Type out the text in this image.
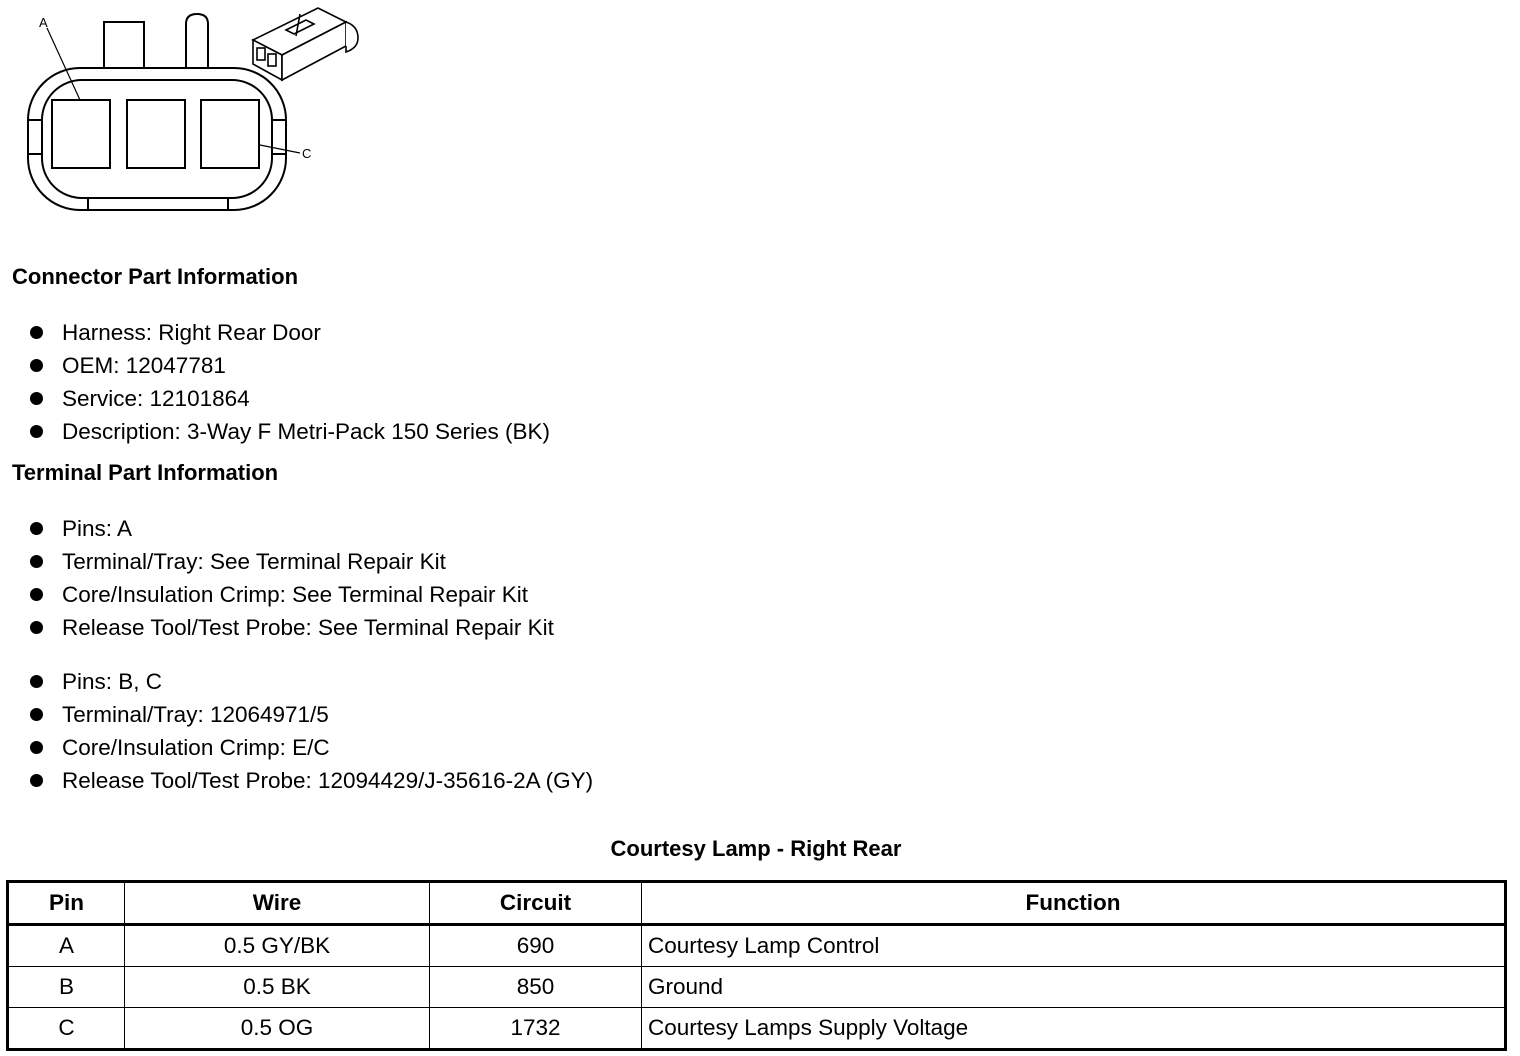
A
C
Connector Part Information
Harness: Right Rear Door
OEM: 12047781
Service: 12101864
Description: 3-Way F Metri-Pack 150 Series (BK)
Terminal Part Information
Pins: A
Terminal/Tray: See Terminal Repair Kit
Core/Insulation Crimp: See Terminal Repair Kit
Release Tool/Test Probe: See Terminal Repair Kit
Pins: B, C
Terminal/Tray: 12064971/5
Core/Insulation Crimp: E/C
Release Tool/Test Probe: 12094429/J-35616-2A (GY)
Courtesy Lamp - Right Rear
Pin	Wire	Circuit	Function
A	0.5 GY/BK	690	Courtesy Lamp Control
B	0.5 BK	850	Ground
C	0.5 OG	1732	Courtesy Lamps Supply Voltage
